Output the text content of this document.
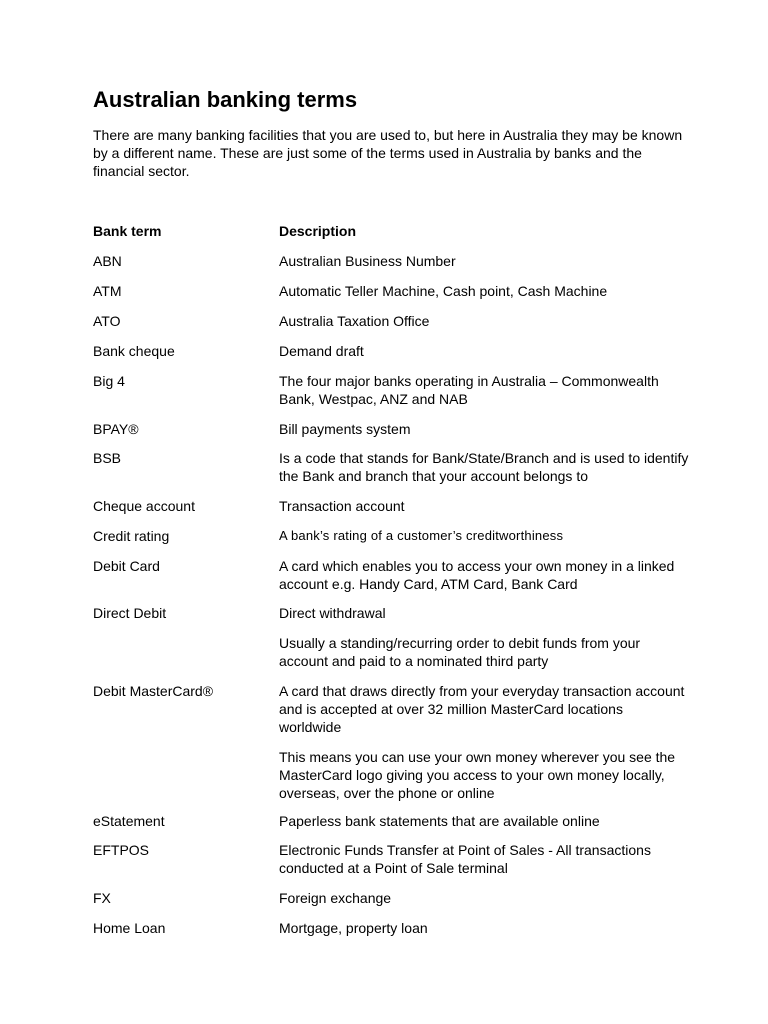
Australian banking terms

There are many banking facilities that you are used to, but here in Australia they may be known by a different name. These are just some of the terms used in Australia by banks and the financial sector.

Bank term	Description
ABN	Australian Business Number
ATM	Automatic Teller Machine, Cash point, Cash Machine
ATO	Australia Taxation Office
Bank cheque	Demand draft
Big 4	The four major banks operating in Australia – Commonwealth Bank, Westpac, ANZ and NAB
BPAY®	Bill payments system
BSB	Is a code that stands for Bank/State/Branch and is used to identify the Bank and branch that your account belongs to
Cheque account	Transaction account
Credit rating	A bank’s rating of a customer’s creditworthiness
Debit Card	A card which enables you to access your own money in a linked account e.g. Handy Card, ATM Card, Bank Card
Direct Debit	Direct withdrawal
Usually a standing/recurring order to debit funds from your account and paid to a nominated third party
Debit MasterCard®	A card that draws directly from your everyday transaction account and is accepted at over 32 million MasterCard locations worldwide
This means you can use your own money wherever you see the MasterCard logo giving you access to your own money locally, overseas, over the phone or online
eStatement	Paperless bank statements that are available online
EFTPOS	Electronic Funds Transfer at Point of Sales - All transactions conducted at a Point of Sale terminal
FX	Foreign exchange
Home Loan	Mortgage, property loan
